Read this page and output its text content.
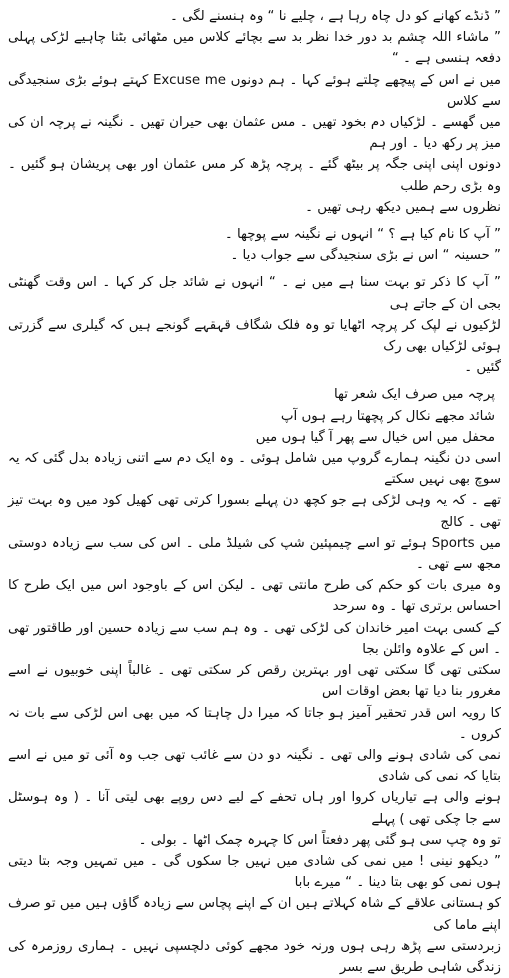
” ڈنڈے کھانے کو دل چاہ رہا ہے ، چلیے نا “ وہ ہنسنے لگی ۔
” ماشاء اللہ چشم بد دور خدا نظر بد سے بچائے کلاس میں مٹھائی بٹنا چاہیے لڑکی پہلی دفعہ ہنسی ہے ۔ “
میں نے اس کے پیچھے چلتے ہوئے کہا ۔ ہم دونوں Excuse me کہتے ہوئے بڑی سنجیدگی سے کلاس
میں گھسے ۔ لڑکیاں دم بخود تھیں ۔ مس عثمان بھی حیران تھیں ۔ نگینہ نے پرچہ ان کی میز پر رکھ دیا ۔ اور ہم
دونوں اپنی اپنی جگہ پر بیٹھ گئے ۔ پرچہ پڑھ کر مس عثمان اور بھی پریشان ہو گئیں ۔ وہ بڑی رحم طلب
نظروں سے ہمیں دیکھ رہی تھیں ۔
” آپ کا نام کیا ہے ؟ “ انہوں نے نگینہ سے پوچھا ۔
” حسینہ “ اس نے بڑی سنجیدگی سے جواب دیا ۔
” آپ کا ذکر تو بہت سنا ہے میں نے ۔ “ انہوں نے شائد جل کر کہا ۔ اس وقت گھنٹی بجی ان کے جاتے ہی
لڑکیوں نے لپک کر پرچہ اٹھایا تو وہ فلک شگاف قہقہے گونجے ہیں کہ گیلری سے گزرتی ہوئی لڑکیاں بھی رک
گئیں ۔
پرچہ میں صرف ایک شعر تھا
شائد مجھے نکال کر پچھتا رہے ہوں آپ
محفل میں اس خیال سے پھر آ گیا ہوں میں
اسی دن نگینہ ہمارے گروپ میں شامل ہوئی ۔ وہ ایک دم سے اتنی زیادہ بدل گئی کہ یہ سوچ بھی نہیں سکتے
تھے ۔ کہ یہ وہی لڑکی ہے جو کچھ دن پہلے بسورا کرتی تھی کھیل کود میں وہ بہت تیز تھی ۔ کالج
میں Sports ہوئے تو اسے چیمپئین شپ کی شیلڈ ملی ۔ اس کی سب سے زیادہ دوستی مجھ سے تھی ۔
وہ میری بات کو حکم کی طرح مانتی تھی ۔ لیکن اس کے باوجود اس میں ایک طرح کا احساس برتری تھا ۔ وہ سرحد
کے کسی بہت امیر خاندان کی لڑکی تھی ۔ وہ ہم سب سے زیادہ حسین اور طاقتور تھی ۔ اس کے علاوہ وائلن بجا
سکتی تھی گا سکتی تھی اور بہترین رقص کر سکتی تھی ۔ غالباً اپنی خوبیوں نے اسے مغرور بنا دیا تھا بعض اوقات اس
کا رویہ اس قدر تحقیر آمیز ہو جاتا کہ میرا دل چاہتا کہ میں بھی اس لڑکی سے بات نہ کروں ۔
نمی کی شادی ہونے والی تھی ۔ نگینہ دو دن سے غائب تھی جب وہ آئی تو میں نے اسے بتایا کہ نمی کی شادی
ہونے والی ہے تیاریاں کروا اور ہاں تحفے کے لیے دس روپے بھی لیتی آنا ۔ ( وہ ہوسٹل سے جا چکی تھی ) پہلے
تو وہ چپ سی ہو گئی پھر دفعتاً اس کا چہرہ چمک اٹھا ۔ بولی ۔
” دیکھو نینی ! میں نمی کی شادی میں نہیں جا سکوں گی ۔ میں تمہیں وجہ بتا دیتی ہوں نمی کو بھی بتا دینا ۔ “ میرے بابا
کو ہستانی علاقے کے شاہ کہلاتے ہیں ان کے اپنے پچاس سے زیادہ گاؤں ہیں میں تو صرف اپنے ماما کی
زبردستی سے پڑھ رہی ہوں ورنہ خود مجھے کوئی دلچسپی نہیں ۔ ہماری روزمرہ کی زندگی شاہی طریق سے بسر
